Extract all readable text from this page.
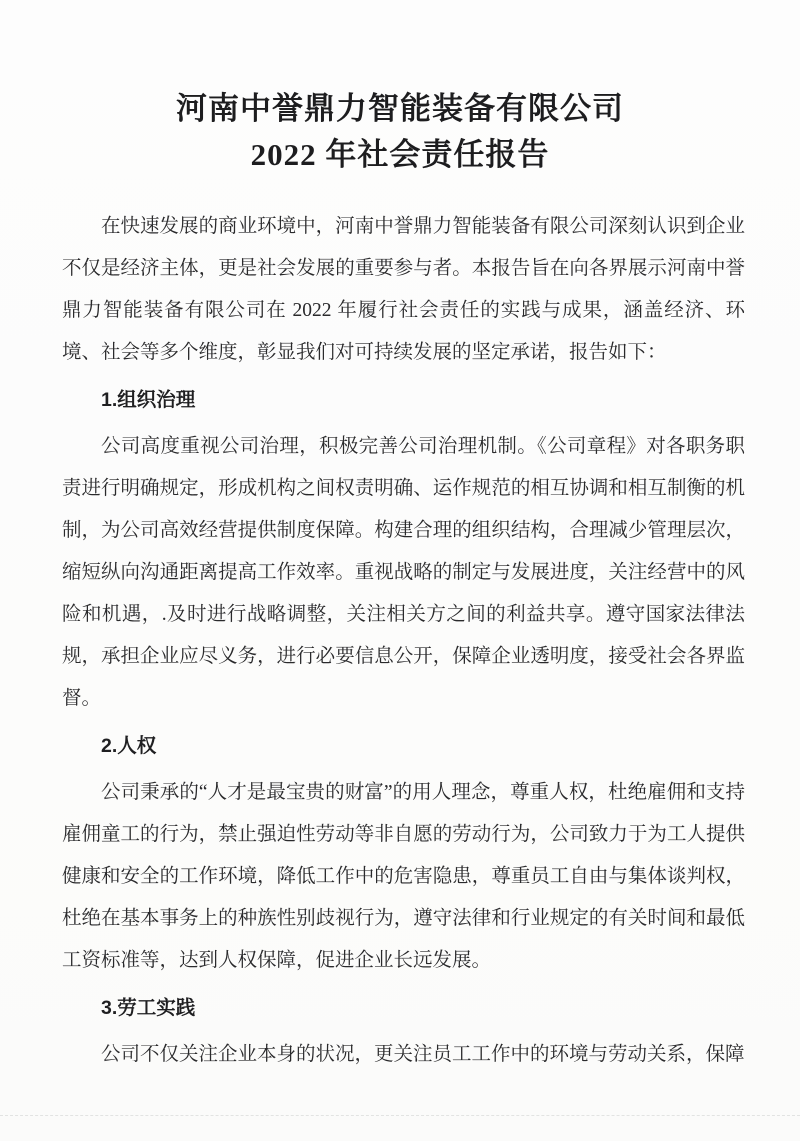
河南中誉鼎力智能装备有限公司
2022 年社会责任报告

在快速发展的商业环境中，河南中誉鼎力智能装备有限公司深刻认识到企业不仅是经济主体，更是社会发展的重要参与者。本报告旨在向各界展示河南中誉鼎力智能装备有限公司在 2022 年履行社会责任的实践与成果，涵盖经济、环境、社会等多个维度，彰显我们对可持续发展的坚定承诺，报告如下：

1.组织治理

公司高度重视公司治理，积极完善公司治理机制。《公司章程》对各职务职责进行明确规定，形成机构之间权责明确、运作规范的相互协调和相互制衡的机制，为公司高效经营提供制度保障。构建合理的组织结构，合理减少管理层次，缩短纵向沟通距离提高工作效率。重视战略的制定与发展进度，关注经营中的风险和机遇，.及时进行战略调整，关注相关方之间的利益共享。遵守国家法律法规，承担企业应尽义务，进行必要信息公开，保障企业透明度，接受社会各界监督。

2.人权

公司秉承的“人才是最宝贵的财富”的用人理念，尊重人权，杜绝雇佣和支持雇佣童工的行为，禁止强迫性劳动等非自愿的劳动行为，公司致力于为工人提供健康和安全的工作环境，降低工作中的危害隐患，尊重员工自由与集体谈判权，杜绝在基本事务上的种族性别歧视行为，遵守法律和行业规定的有关时间和最低工资标准等，达到人权保障，促进企业长远发展。

3.劳工实践

公司不仅关注企业本身的状况，更关注员工工作中的环境与劳动关系，保障
